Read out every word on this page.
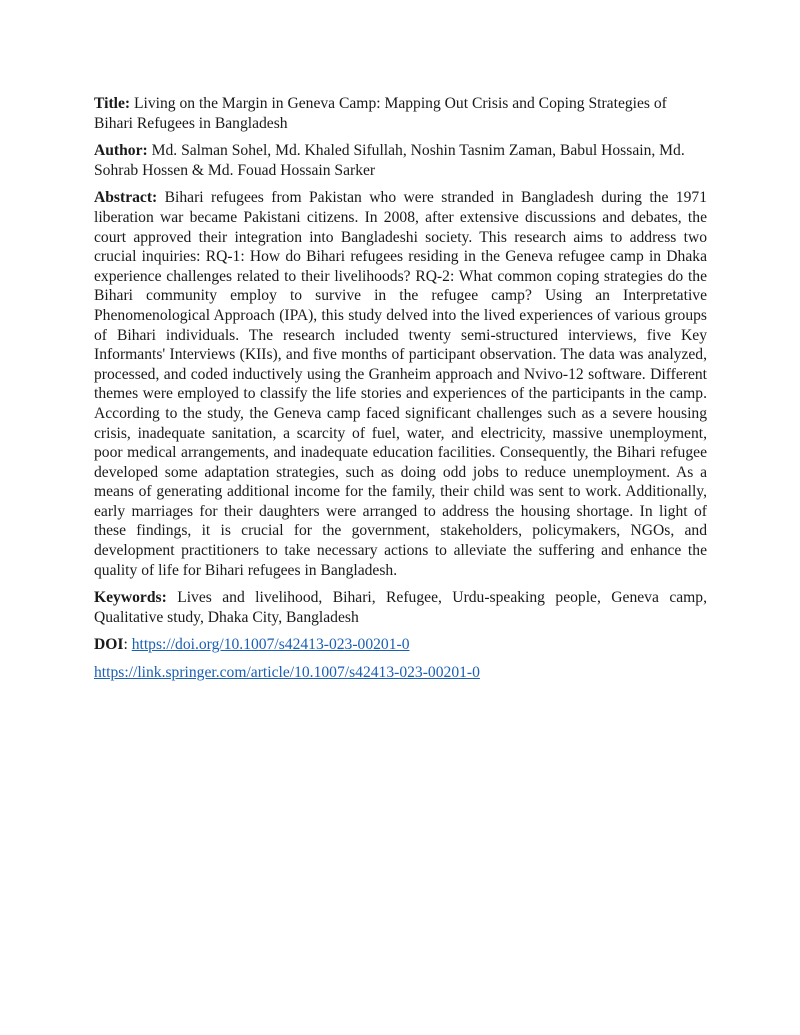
Title: Living on the Margin in Geneva Camp: Mapping Out Crisis and Coping Strategies of Bihari Refugees in Bangladesh

Author: Md. Salman Sohel, Md. Khaled Sifullah, Noshin Tasnim Zaman, Babul Hossain, Md. Sohrab Hossen & Md. Fouad Hossain Sarker

Abstract: Bihari refugees from Pakistan who were stranded in Bangladesh during the 1971 liberation war became Pakistani citizens. In 2008, after extensive discussions and debates, the court approved their integration into Bangladeshi society. This research aims to address two crucial inquiries: RQ-1: How do Bihari refugees residing in the Geneva refugee camp in Dhaka experience challenges related to their livelihoods? RQ-2: What common coping strategies do the Bihari community employ to survive in the refugee camp? Using an Interpretative Phenomenological Approach (IPA), this study delved into the lived experiences of various groups of Bihari individuals. The research included twenty semi-structured interviews, five Key Informants' Interviews (KIIs), and five months of participant observation. The data was analyzed, processed, and coded inductively using the Granheim approach and Nvivo-12 software. Different themes were employed to classify the life stories and experiences of the participants in the camp. According to the study, the Geneva camp faced significant challenges such as a severe housing crisis, inadequate sanitation, a scarcity of fuel, water, and electricity, massive unemployment, poor medical arrangements, and inadequate education facilities. Consequently, the Bihari refugee developed some adaptation strategies, such as doing odd jobs to reduce unemployment. As a means of generating additional income for the family, their child was sent to work. Additionally, early marriages for their daughters were arranged to address the housing shortage. In light of these findings, it is crucial for the government, stakeholders, policymakers, NGOs, and development practitioners to take necessary actions to alleviate the suffering and enhance the quality of life for Bihari refugees in Bangladesh.

Keywords: Lives and livelihood, Bihari, Refugee, Urdu-speaking people, Geneva camp, Qualitative study, Dhaka City, Bangladesh

DOI: https://doi.org/10.1007/s42413-023-00201-0

https://link.springer.com/article/10.1007/s42413-023-00201-0
